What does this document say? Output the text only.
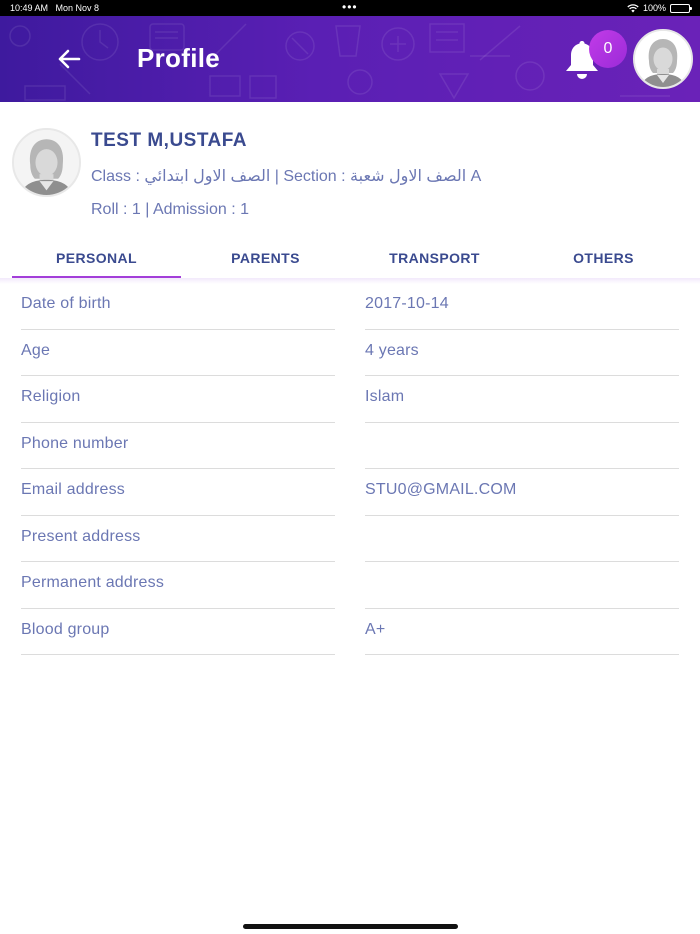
10:49 AM Mon Nov 8	•••	100%
Profile	0
TEST M,USTAFA
Class : الصف الاول ابتدائي | Section : الصف الاول شعبة A
Roll : 1 | Admission : 1
PERSONAL	PARENTS	TRANSPORT	OTHERS
Date of birth	2017-10-14
Age	4 years
Religion	Islam
Phone number
Email address	STU0@GMAIL.COM
Present address
Permanent address
Blood group	A+
